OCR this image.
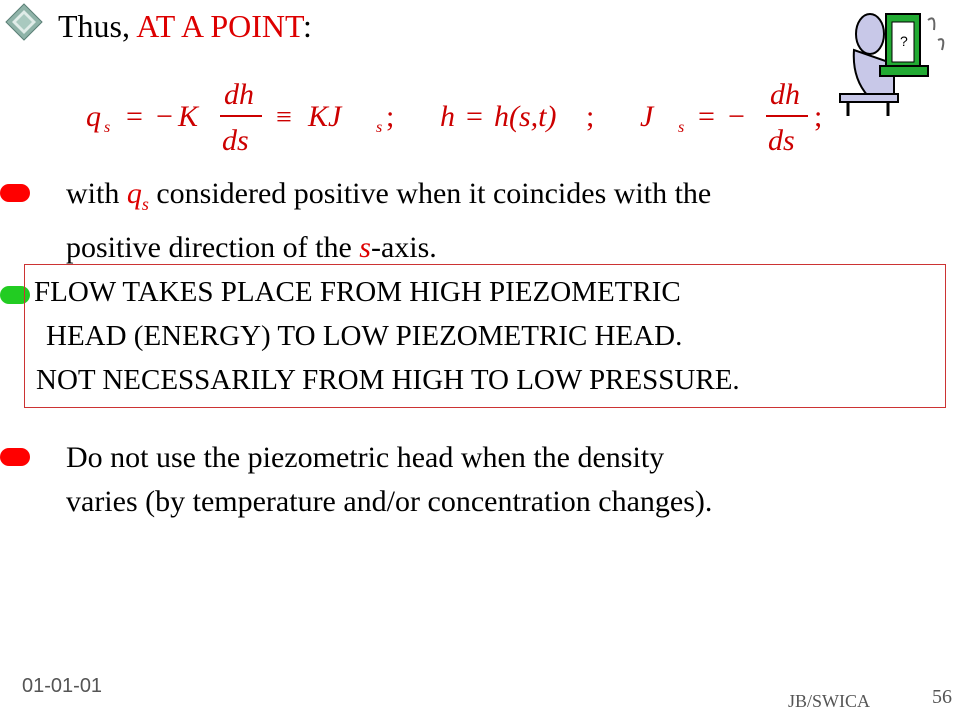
Thus, AT A POINT:	?
q s = − K
dh
ds
≡ KJ s ; h = h(s,t) ; J s = −
dh
ds
;
with $q_s$ considered positive when it coincides with the
positive direction of the s-axis.
FLOW TAKES PLACE FROM HIGH PIEZOMETRIC
HEAD (ENERGY) TO LOW PIEZOMETRIC HEAD.
NOT NECESSARILY FROM HIGH TO LOW PRESSURE.
Do not use the piezometric head when the density
varies (by temperature and/or concentration changes).
01-01-01
JB/SWICA	56
